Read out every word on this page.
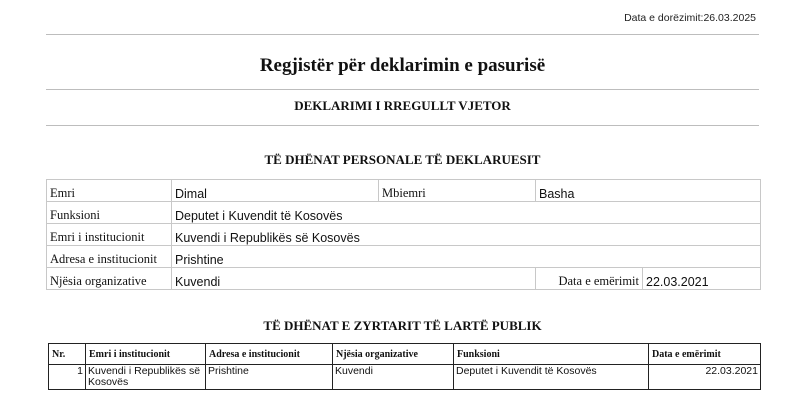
Data e dorëzimit:26.03.2025
Regjistër për deklarimin e pasurisë
DEKLARIMI I RREGULLT VJETOR
TË DHËNAT PERSONALE TË DEKLARUESIT
Emri	Dimal	Mbiemri	Basha	
Funksioni	Deputet i Kuvendit të Kosovës			
Emri i institucionit	Kuvendi i Republikës së Kosovës			
Adresa e institucionit	Prishtine			
Njësia organizative	Kuvendi		Data e emërimit	22.03.2021
TË DHËNAT E ZYRTARIT TË LARTË PUBLIK
Nr.	Emri i institucionit	Adresa e institucionit	Njësia organizative	Funksioni	Data e emërimit
1	Kuvendi i Republikës së Kosovës	Prishtine	Kuvendi	Deputet i Kuvendit të Kosovës	22.03.2021
